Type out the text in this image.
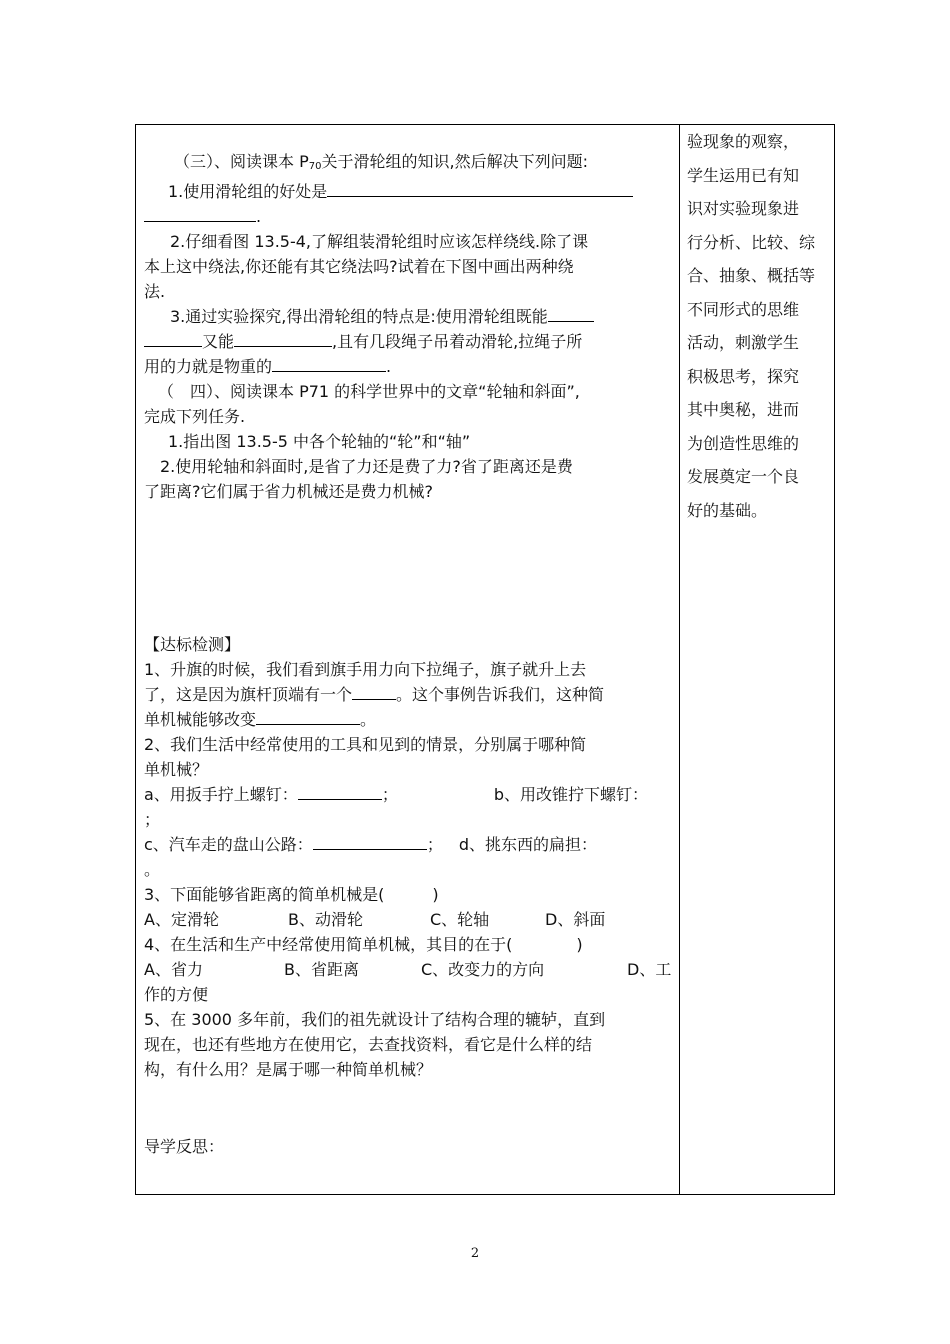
（三）、阅读课本 $P_{70}$关于滑轮组的知识,然后解决下列问题:

1.使用滑轮组的好处是

.

2.仔细看图 13.5-4,了解组装滑轮组时应该怎样绕线.除了课

本上这中绕法,你还能有其它绕法吗?试着在下图中画出两种绕

法.

3.通过实验探究,得出滑轮组的特点是:使用滑轮组既能

又能	,且有几段绳子吊着动滑轮,拉绳子所

用的力就是物重的	.

（　四）、阅读课本 P71 的科学世界中的文章“轮轴和斜面”,

完成下列任务.

1.指出图 13.5-5 中各个轮轴的“轮”和“轴”

2.使用轮轴和斜面时,是省了力还是费了力?省了距离还是费

了距离?它们属于省力机械还是费力机械?

【达标检测】

1、升旗的时候，我们看到旗手用力向下拉绳子，旗子就升上去

了，这是因为旗杆顶端有一个	。这个事例告诉我们，这种简

单机械能够改变	。

2、我们生活中经常使用的工具和见到的情景，分别属于哪种简

单机械？

a、用扳手拧上螺钉：	；	b、用改锥拧下螺钉：

；

c、汽车走的盘山公路：	； d、挑东西的扁担：

。

3、下面能够省距离的简单机械是(　　　)

A、定滑轮	B、动滑轮	C、轮轴	D、斜面

4、在生活和生产中经常使用简单机械，其目的在于(　　　　)

A、省力	B、省距离	C、改变力的方向	D、工

作的方便

5、在 3000 多年前，我们的祖先就设计了结构合理的辘轳，直到

现在，也还有些地方在使用它，去查找资料，看它是什么样的结

构，有什么用？是属于哪一种简单机械？

导学反思：

验现象的观察，
学生运用已有知
识对实验现象进
行分析、比较、综
合、抽象、概括等
不同形式的思维
活动，刺激学生
积极思考，探究
其中奥秘，进而
为创造性思维的
发展奠定一个良
好的基础。
2
